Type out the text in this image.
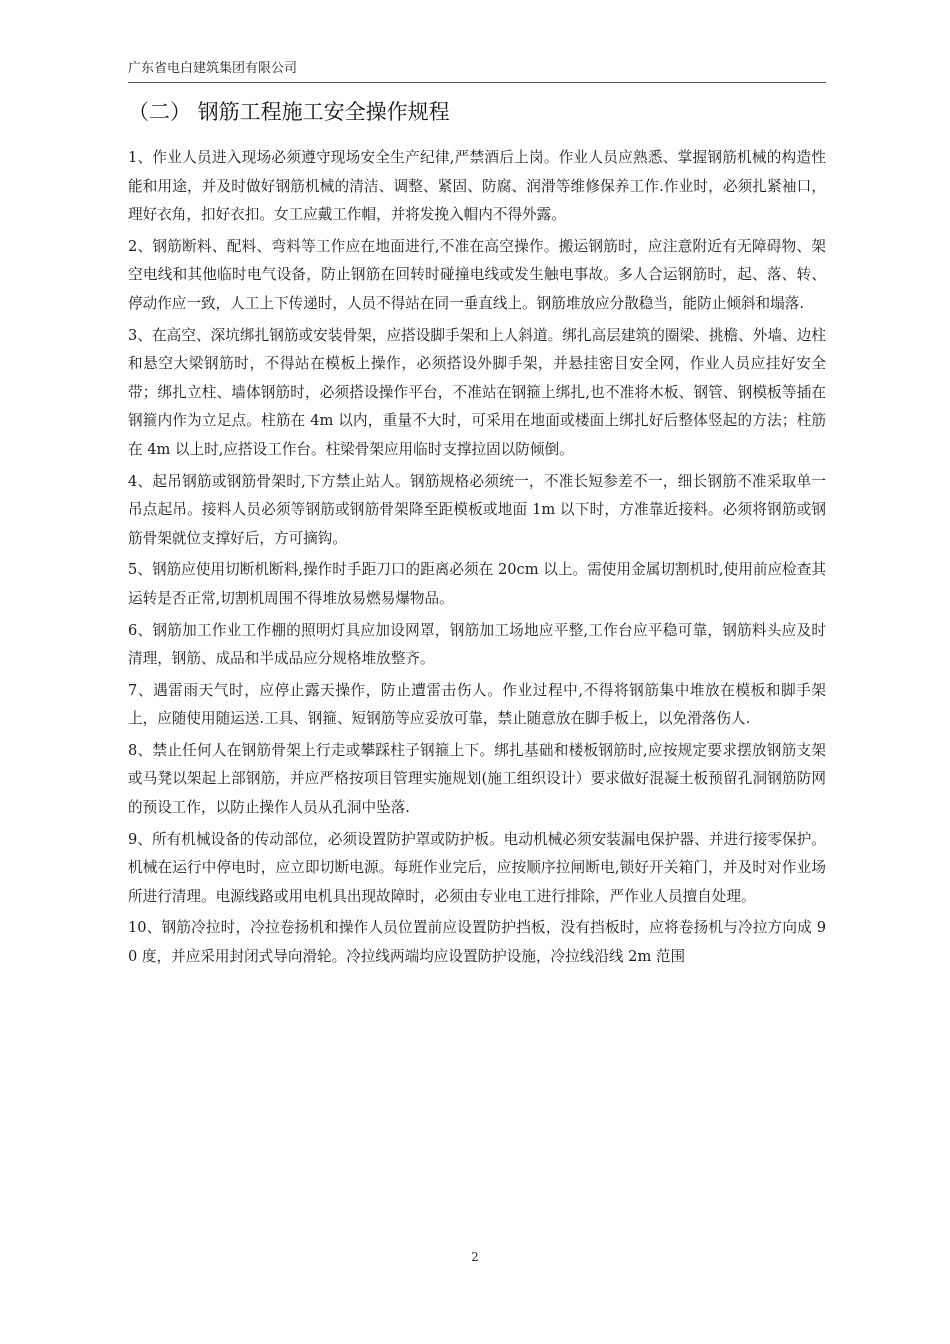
广东省电白建筑集团有限公司
（二） 钢筋工程施工安全操作规程

1、作业人员进入现场必须遵守现场安全生产纪律,严禁酒后上岗。作业人员应熟悉、掌握钢筋机械的构造性能和用途，并及时做好钢筋机械的清洁、调整、紧固、防腐、润滑等维修保养工作.作业时，必须扎紧袖口，理好衣角，扣好衣扣。女工应戴工作帽，并将发挽入帽内不得外露。

2、钢筋断料、配料、弯料等工作应在地面进行,不准在高空操作。搬运钢筋时，应注意附近有无障碍物、架空电线和其他临时电气设备，防止钢筋在回转时碰撞电线或发生触电事故。多人合运钢筋时，起、落、转、停动作应一致，人工上下传递时，人员不得站在同一垂直线上。钢筋堆放应分散稳当，能防止倾斜和塌落.

3、在高空、深坑绑扎钢筋或安装骨架，应搭设脚手架和上人斜道。绑扎高层建筑的圈梁、挑檐、外墙、边柱和悬空大梁钢筋时，不得站在模板上操作，必须搭设外脚手架，并悬挂密目安全网，作业人员应挂好安全带；绑扎立柱、墙体钢筋时，必须搭设操作平台，不准站在钢箍上绑扎,也不准将木板、钢管、钢模板等插在钢箍内作为立足点。柱筋在 4m 以内，重量不大时，可采用在地面或楼面上绑扎好后整体竖起的方法；柱筋在 4m 以上时,应搭设工作台。柱梁骨架应用临时支撑拉固以防倾倒。

4、起吊钢筋或钢筋骨架时,下方禁止站人。钢筋规格必须统一，不准长短参差不一，细长钢筋不准采取单一吊点起吊。接料人员必须等钢筋或钢筋骨架降至距模板或地面 1m 以下时，方准靠近接料。必须将钢筋或钢筋骨架就位支撑好后，方可摘钩。

5、钢筋应使用切断机断料,操作时手距刀口的距离必须在 20cm 以上。需使用金属切割机时,使用前应检查其运转是否正常,切割机周围不得堆放易燃易爆物品。

6、钢筋加工作业工作棚的照明灯具应加设网罩，钢筋加工场地应平整,工作台应平稳可靠，钢筋料头应及时清理，钢筋、成品和半成品应分规格堆放整齐。

7、遇雷雨天气时，应停止露天操作，防止遭雷击伤人。作业过程中,不得将钢筋集中堆放在模板和脚手架上，应随使用随运送.工具、钢箍、短钢筋等应妥放可靠，禁止随意放在脚手板上，以免滑落伤人.

8、禁止任何人在钢筋骨架上行走或攀踩柱子钢箍上下。绑扎基础和楼板钢筋时,应按规定要求摆放钢筋支架或马凳以架起上部钢筋，并应严格按项目管理实施规划(施工组织设计）要求做好混凝土板预留孔洞钢筋防网的预设工作，以防止操作人员从孔洞中坠落.

9、所有机械设备的传动部位，必须设置防护罩或防护板。电动机械必须安装漏电保护器、并进行接零保护。机械在运行中停电时，应立即切断电源。每班作业完后，应按顺序拉闸断电,锁好开关箱门，并及时对作业场所进行清理。电源线路或用电机具出现故障时，必须由专业电工进行排除，严作业人员擅自处理。

10、钢筋冷拉时，冷拉卷扬机和操作人员位置前应设置防护挡板，没有挡板时，应将卷扬机与冷拉方向成 90 度，并应采用封闭式导向滑轮。冷拉线两端均应设置防护设施，冷拉线沿线 2m 范围

2
